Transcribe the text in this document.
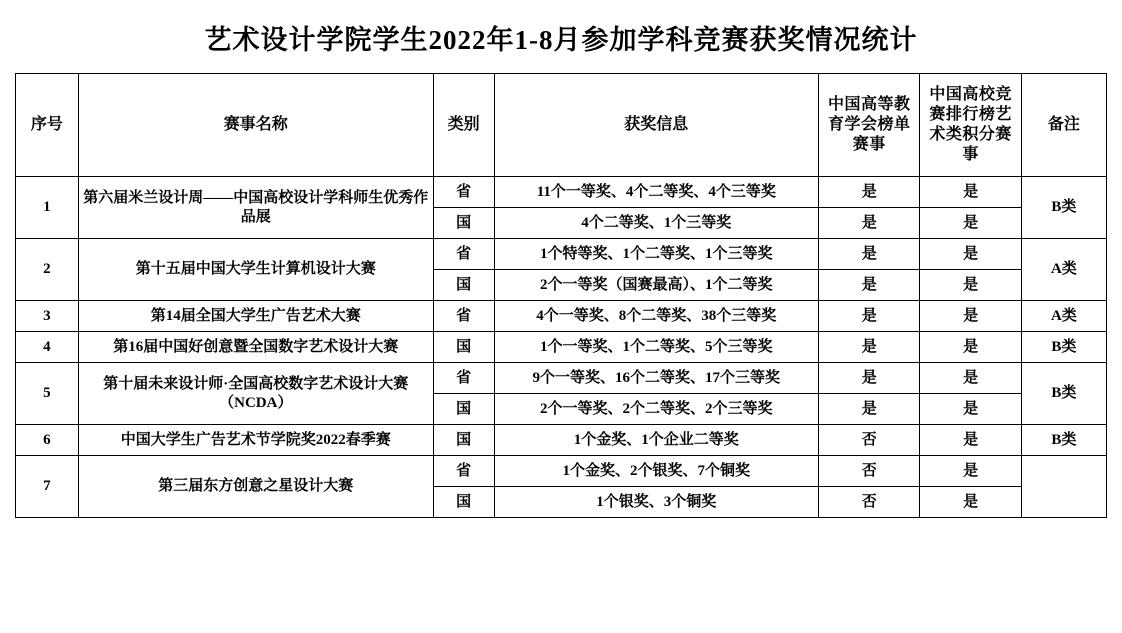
艺术设计学院学生2022年1-8月参加学科竞赛获奖情况统计
序号	赛事名称	类别	获奖信息	中国高等教育学会榜单赛事	中国高校竞赛排行榜艺术类积分赛事	备注
1	第六届米兰设计周——中国高校设计学科师生优秀作品展	省	11个一等奖、4个二等奖、4个三等奖	是	是	B类
		国	4个二等奖、1个三等奖	是	是	
2	第十五届中国大学生计算机设计大赛	省	1个特等奖、1个二等奖、1个三等奖	是	是	A类
		国	2个一等奖（国赛最高）、1个二等奖	是	是	
3	第14届全国大学生广告艺术大赛	省	4个一等奖、8个二等奖、38个三等奖	是	是	A类
4	第16届中国好创意暨全国数字艺术设计大赛	国	1个一等奖、1个二等奖、5个三等奖	是	是	B类
5	第十届未来设计师·全国高校数字艺术设计大赛（NCDA）	省	9个一等奖、16个二等奖、17个三等奖	是	是	B类
		国	2个一等奖、2个二等奖、2个三等奖	是	是	
6	中国大学生广告艺术节学院奖2022春季赛	国	1个金奖、1个企业二等奖	否	是	B类
7	第三届东方创意之星设计大赛	省	1个金奖、2个银奖、7个铜奖	否	是	
		国	1个银奖、3个铜奖	否	是	
